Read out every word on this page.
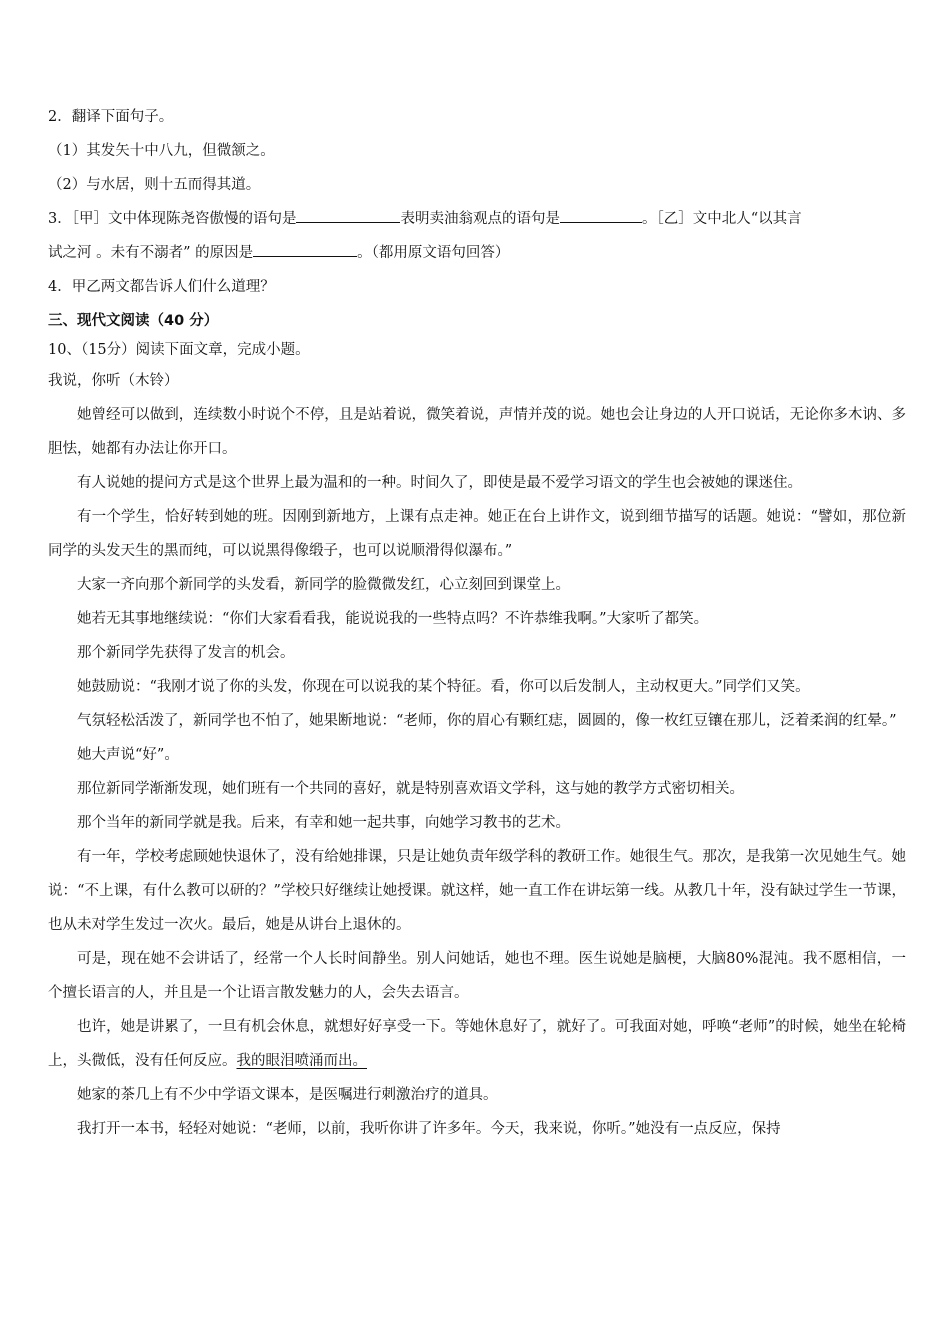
2．翻译下面句子。
（1）其发矢十中八九，但微颔之。
（2）与水居，则十五而得其道。
3．［甲］文中体现陈尧咨傲慢的语句是	表明卖油翁观点的语句是	。［乙］文中北人“以其言
试之河 。未有不溺者” 的原因是	。（都用原文语句回答）
4．甲乙两文都告诉人们什么道理？
三、现代文阅读（40 分）
10、（15分）阅读下面文章，完成小题。
我说，你听（木铃）
她曾经可以做到，连续数小时说个不停，且是站着说，微笑着说，声情并茂的说。她也会让身边的人开口说话，无论你多木讷、多胆怯，她都有办法让你开口。
有人说她的提问方式是这个世界上最为温和的一种。时间久了，即使是最不爱学习语文的学生也会被她的课迷住。
有一个学生，恰好转到她的班。因刚到新地方，上课有点走神。她正在台上讲作文，说到细节描写的话题。她说：“譬如，那位新同学的头发天生的黑而纯，可以说黑得像缎子，也可以说顺滑得似瀑布。”
大家一齐向那个新同学的头发看，新同学的脸微微发红，心立刻回到课堂上。
她若无其事地继续说：“你们大家看看我，能说说我的一些特点吗？不许恭维我啊。”大家听了都笑。
那个新同学先获得了发言的机会。
她鼓励说：“我刚才说了你的头发，你现在可以说我的某个特征。看，你可以后发制人，主动权更大。”同学们又笑。
气氛轻松活泼了，新同学也不怕了，她果断地说：“老师，你的眉心有颗红痣，圆圆的，像一枚红豆镶在那儿，泛着柔润的红晕。”
她大声说“好”。
那位新同学渐渐发现，她们班有一个共同的喜好，就是特别喜欢语文学科，这与她的教学方式密切相关。
那个当年的新同学就是我。后来，有幸和她一起共事，向她学习教书的艺术。
有一年，学校考虑顾她快退休了，没有给她排课，只是让她负责年级学科的教研工作。她很生气。那次，是我第一次见她生气。她说：“不上课，有什么教可以研的？”学校只好继续让她授课。就这样，她一直工作在讲坛第一线。从教几十年，没有缺过学生一节课，也从未对学生发过一次火。最后，她是从讲台上退休的。
可是，现在她不会讲话了，经常一个人长时间静坐。别人问她话，她也不理。医生说她是脑梗，大脑80%混沌。我不愿相信，一个擅长语言的人，并且是一个让语言散发魅力的人，会失去语言。
也许，她是讲累了，一旦有机会休息，就想好好享受一下。等她休息好了，就好了。可我面对她，呼唤“老师”的时候，她坐在轮椅上，头微低，没有任何反应。我的眼泪喷涌而出。
她家的茶几上有不少中学语文课本，是医嘱进行刺激治疗的道具。
我打开一本书，轻轻对她说：“老师，以前，我听你讲了许多年。今天，我来说，你听。”她没有一点反应，保持
